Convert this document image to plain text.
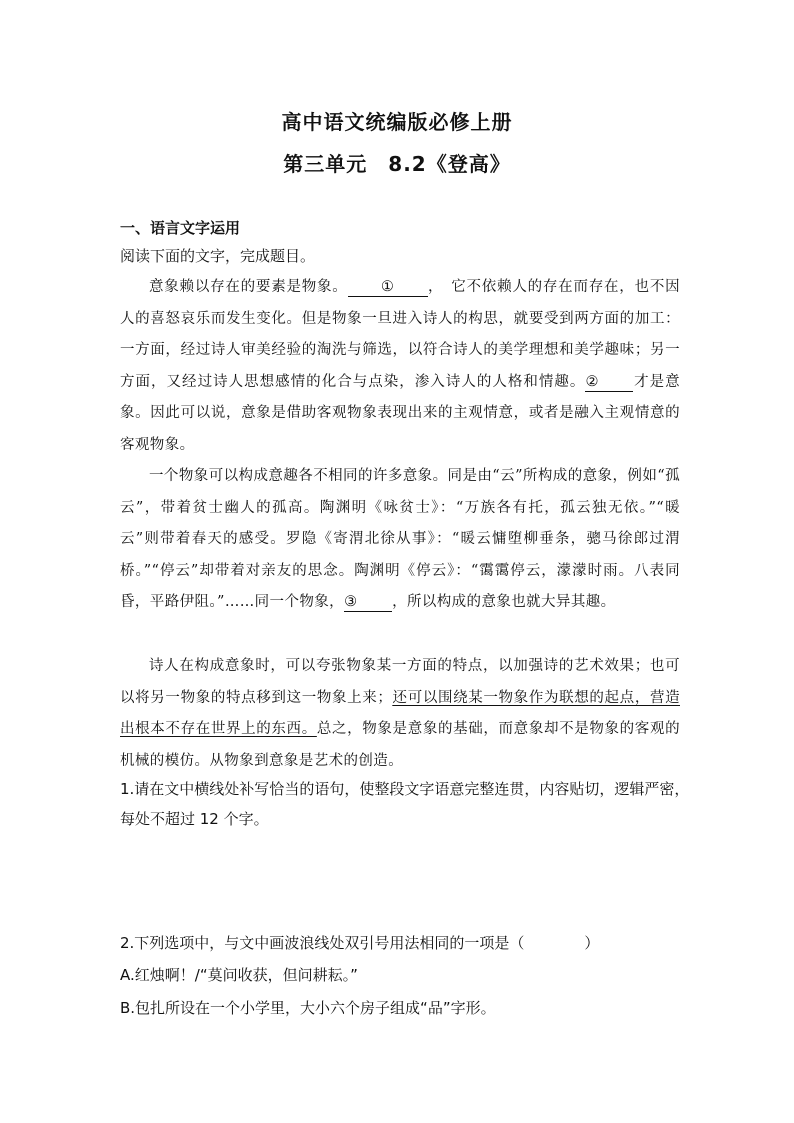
高中语文统编版必修上册
第三单元　8.2《登高》
一、语言文字运用
阅读下面的文字，完成题目。
意象赖以存在的要素是物象。 ① ，　它不依赖人的存在而存在，也不因人的喜怒哀乐而发生变化。但是物象一旦进入诗人的构思，就要受到两方面的加工：一方面，经过诗人审美经验的淘洗与筛选，以符合诗人的美学理想和美学趣味；另一方面，又经过诗人思想感情的化合与点染，渗入诗人的人格和情趣。② 才是意象。因此可以说，意象是借助客观物象表现出来的主观情意，或者是融入主观情意的客观物象。
一个物象可以构成意趣各不相同的许多意象。同是由“云”所构成的意象，例如“孤云”，带着贫士幽人的孤高。陶渊明《咏贫士》：“万族各有托，孤云独无依。”“暖云”则带着春天的感受。罗隐《寄渭北徐从事》：“暖云慵堕柳垂条，骢马徐郎过渭桥。”“停云”却带着对亲友的思念。陶渊明《停云》：“霭霭停云，濛濛时雨。八表同昏，平路伊阻。”……同一个物象，③ ，所以构成的意象也就大异其趣。
诗人在构成意象时，可以夸张物象某一方面的特点，以加强诗的艺术效果；也可以将另一物象的特点移到这一物象上来；还可以围绕某一物象作为联想的起点，营造出根本不存在世界上的东西。总之，物象是意象的基础，而意象却不是物象的客观的机械的模仿。从物象到意象是艺术的创造。
1.请在文中横线处补写恰当的语句，使整段文字语意完整连贯，内容贴切，逻辑严密，每处不超过 12 个字。
2.下列选项中，与文中画波浪线处双引号用法相同的一项是（　　　　）
A.红烛啊！/“莫问收获，但问耕耘。”
B.包扎所设在一个小学里，大小六个房子组成“品”字形。
